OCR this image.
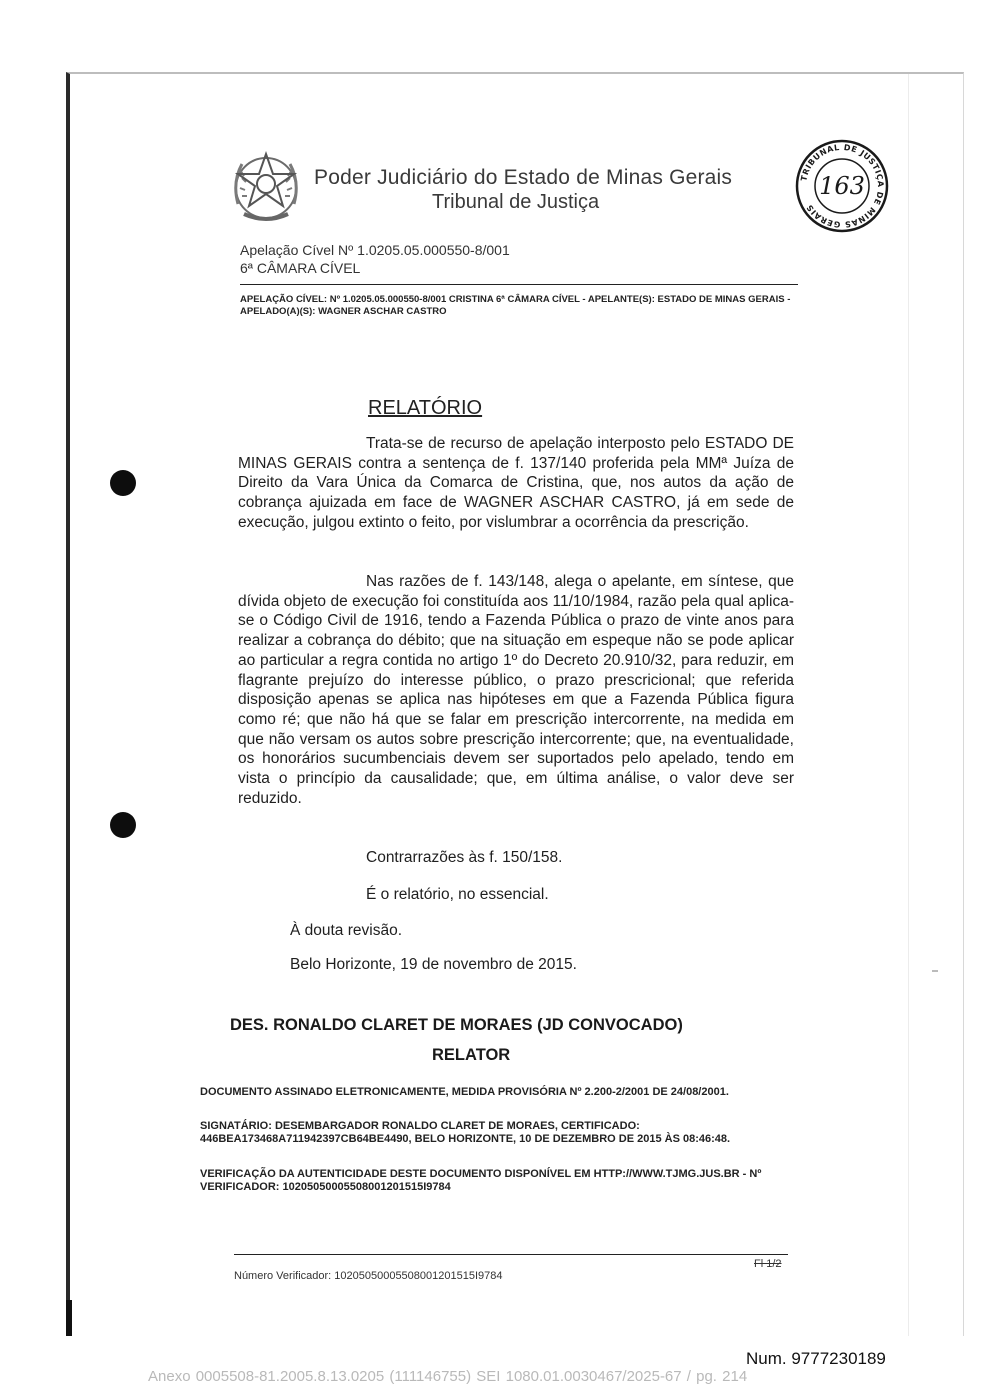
Poder Judiciário do Estado de Minas Gerais
Tribunal de Justiça
TRIBUNAL DE JUSTIÇA DE MINAS GERAIS
163
Apelação Cível Nº 1.0205.05.000550-8/001
6ª CÂMARA CÍVEL
APELAÇÃO CÍVEL: Nº 1.0205.05.000550-8/001 CRISTINA 6ª CÂMARA CÍVEL - APELANTE(S): ESTADO DE MINAS GERAIS - APELADO(A)(S): WAGNER ASCHAR CASTRO
RELATÓRIO
Trata-se de recurso de apelação interposto pelo ESTADO DE MINAS GERAIS contra a sentença de f. 137/140 proferida pela MMª Juíza de Direito da Vara Única da Comarca de Cristina, que, nos autos da ação de cobrança ajuizada em face de WAGNER ASCHAR CASTRO, já em sede de execução, julgou extinto o feito, por vislumbrar a ocorrência da prescrição.
Nas razões de f. 143/148, alega o apelante, em síntese, que dívida objeto de execução foi constituída aos 11/10/1984, razão pela qual aplica-se o Código Civil de 1916, tendo a Fazenda Pública o prazo de vinte anos para realizar a cobrança do débito; que na situação em espeque não se pode aplicar ao particular a regra contida no artigo 1º do Decreto 20.910/32, para reduzir, em flagrante prejuízo do interesse público, o prazo prescricional; que referida disposição apenas se aplica nas hipóteses em que a Fazenda Pública figura como ré; que não há que se falar em prescrição intercorrente, na medida em que não versam os autos sobre prescrição intercorrente; que, na eventualidade, os honorários sucumbenciais devem ser suportados pelo apelado, tendo em vista o princípio da causalidade; que, em última análise, o valor deve ser reduzido.
Contrarrazões às f. 150/158.
É o relatório, no essencial.
À douta revisão.
Belo Horizonte, 19 de novembro de 2015.
DES. RONALDO CLARET DE MORAES (JD CONVOCADO)
RELATOR
DOCUMENTO ASSINADO ELETRONICAMENTE, MEDIDA PROVISÓRIA Nº 2.200-2/2001 DE 24/08/2001.
SIGNATÁRIO: DESEMBARGADOR RONALDO CLARET DE MORAES, CERTIFICADO: 446BEA173468A711942397CB64BE4490, BELO HORIZONTE, 10 DE DEZEMBRO DE 2015 ÀS 08:46:48.
VERIFICAÇÃO DA AUTENTICIDADE DESTE DOCUMENTO DISPONÍVEL EM HTTP://WWW.TJMG.JUS.BR - Nº VERIFICADOR: 10205050005508001201515I9784
Fl 1/2
Número Verificador: 10205050005508001201515I9784
Num. 9777230189
Anexo 0005508-81.2005.8.13.0205 (111146755) SEI 1080.01.0030467/2025-67 / pg. 214
